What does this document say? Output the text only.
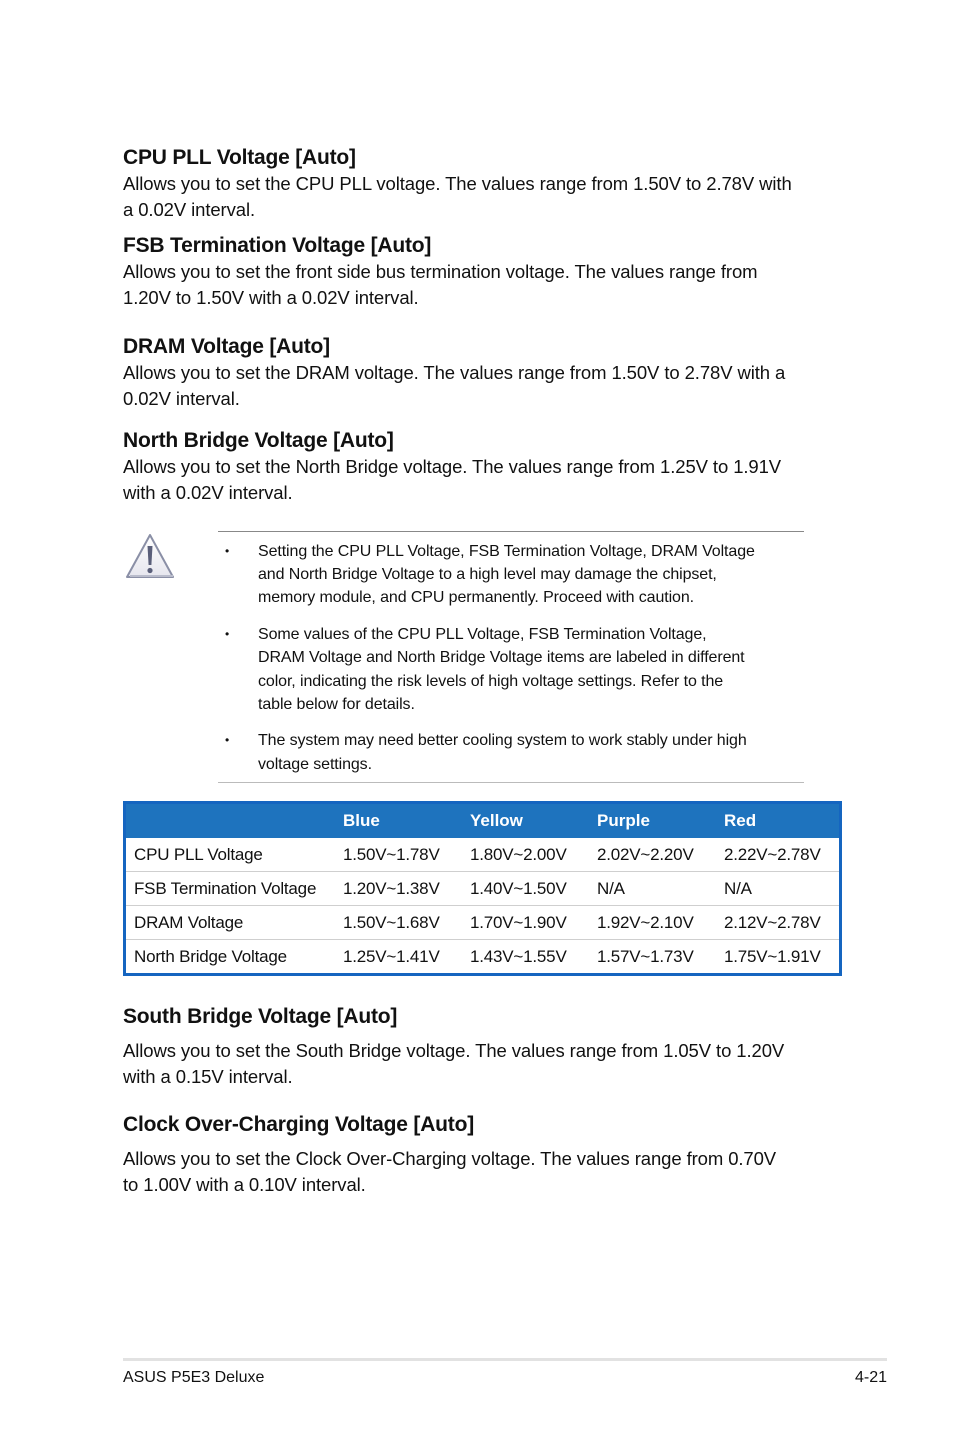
CPU PLL Voltage [Auto]

Allows you to set the CPU PLL voltage. The values range from 1.50V to 2.78V with
a 0.02V interval.

FSB Termination Voltage [Auto]

Allows you to set the front side bus termination voltage. The values range from
1.20V to 1.50V with a 0.02V interval.

DRAM Voltage [Auto]

Allows you to set the DRAM voltage. The values range from 1.50V to 2.78V with a
0.02V interval.

North Bridge Voltage [Auto]

Allows you to set the North Bridge voltage. The values range from 1.25V to 1.91V
with a 0.02V interval.

• Setting the CPU PLL Voltage, FSB Termination Voltage, DRAM Voltage
and North Bridge Voltage to a high level may damage the chipset,
memory module, and CPU permanently. Proceed with caution.
• Some values of the CPU PLL Voltage, FSB Termination Voltage,
DRAM Voltage and North Bridge Voltage items are labeled in different
color, indicating the risk levels of high voltage settings. Refer to the
table below for details.
• The system may need better cooling system to work stably under high
voltage settings.
	Blue	Yellow	Purple	Red
CPU PLL Voltage	1.50V~1.78V	1.80V~2.00V	2.02V~2.20V	2.22V~2.78V
FSB Termination Voltage	1.20V~1.38V	1.40V~1.50V	N/A	N/A
DRAM Voltage	1.50V~1.68V	1.70V~1.90V	1.92V~2.10V	2.12V~2.78V
North Bridge Voltage	1.25V~1.41V	1.43V~1.55V	1.57V~1.73V	1.75V~1.91V
South Bridge Voltage [Auto]

Allows you to set the South Bridge voltage. The values range from 1.05V to 1.20V
with a 0.15V interval.

Clock Over-Charging Voltage [Auto]

Allows you to set the Clock Over-Charging voltage. The values range from 0.70V
to 1.00V with a 0.10V interval.

ASUS P5E3 Deluxe	4-21
